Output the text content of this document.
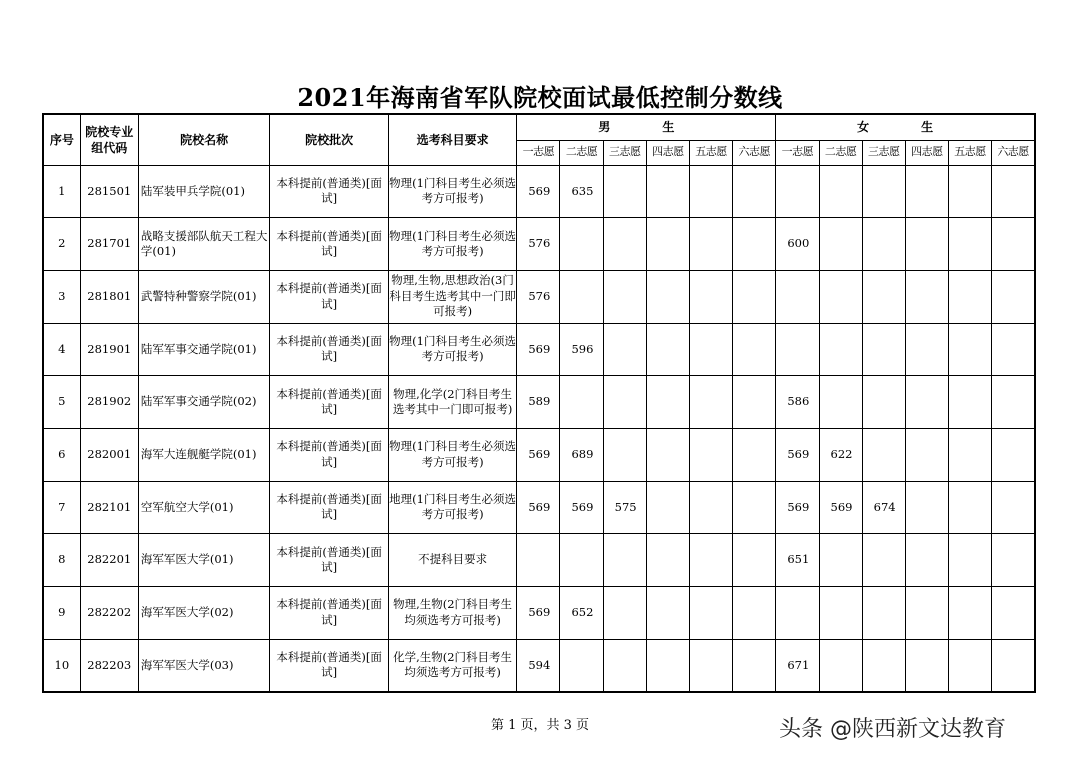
2021年海南省军队院校面试最低控制分数线
序号	院校专业组代码	院校名称	院校批次	选考科目要求	男　生						女　生					
					一志愿	二志愿	三志愿	四志愿	五志愿	六志愿	一志愿	二志愿	三志愿	四志愿	五志愿	六志愿
1	281501	陆军装甲兵学院(01)	本科提前(普通类)[面试]	物理(1门科目考生必须选考方可报考)	569	635										
2	281701	战略支援部队航天工程大学(01)	本科提前(普通类)[面试]	物理(1门科目考生必须选考方可报考)	576						600					
3	281801	武警特种警察学院(01)	本科提前(普通类)[面试]	物理,生物,思想政治(3门科目考生选考其中一门即可报考)	576											
4	281901	陆军军事交通学院(01)	本科提前(普通类)[面试]	物理(1门科目考生必须选考方可报考)	569	596										
5	281902	陆军军事交通学院(02)	本科提前(普通类)[面试]	物理,化学(2门科目考生选考其中一门即可报考)	589						586					
6	282001	海军大连舰艇学院(01)	本科提前(普通类)[面试]	物理(1门科目考生必须选考方可报考)	569	689					569	622				
7	282101	空军航空大学(01)	本科提前(普通类)[面试]	地理(1门科目考生必须选考方可报考)	569	569	575				569	569	674			
8	282201	海军军医大学(01)	本科提前(普通类)[面试]	不提科目要求							651					
9	282202	海军军医大学(02)	本科提前(普通类)[面试]	物理,生物(2门科目考生均须选考方可报考)	569	652										
10	282203	海军军医大学(03)	本科提前(普通类)[面试]	化学,生物(2门科目考生均须选考方可报考)	594						671					
第 1 页，共 3 页	头条 @陕西新文达教育
